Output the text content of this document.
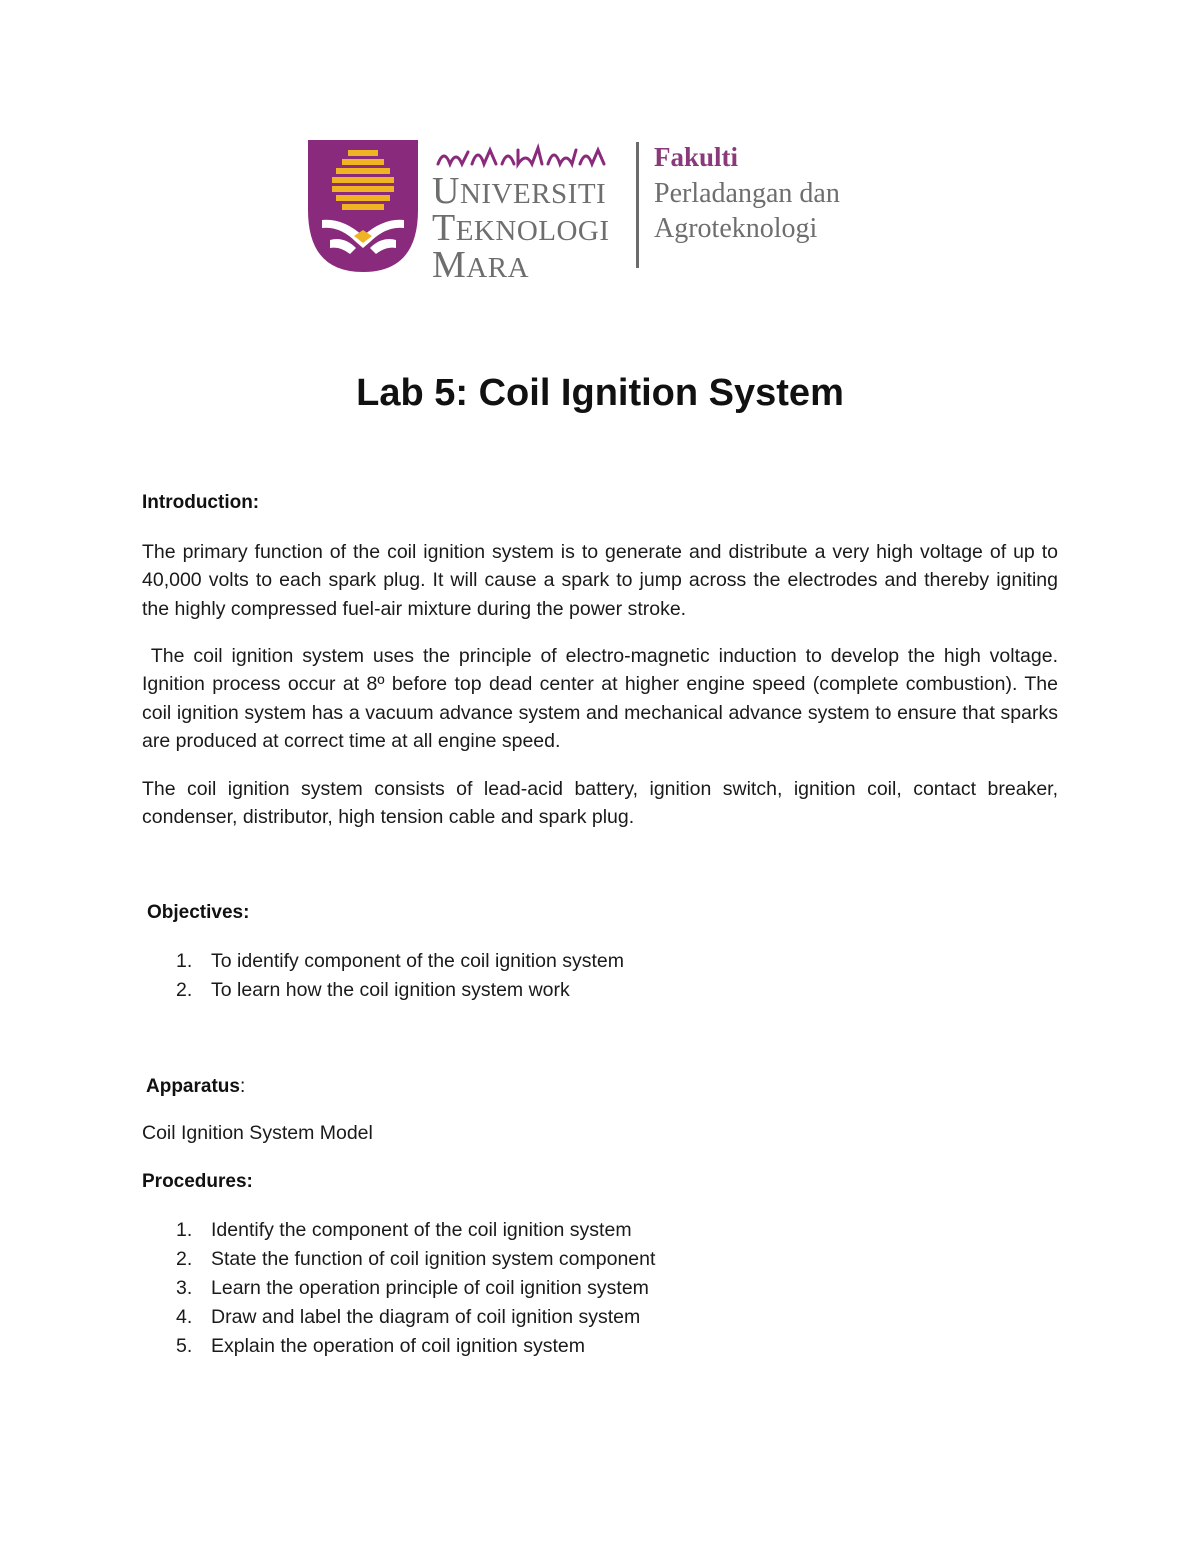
UNIVERSITI
TEKNOLOGI
MARA
Fakulti
Perladangan dan
Agroteknologi
Lab 5: Coil Ignition System
Introduction:
The primary function of the coil ignition system is to generate and distribute a very high voltage of up to 40,000 volts to each spark plug. It will cause a spark to jump across the electrodes and thereby igniting the highly compressed fuel-air mixture during the power stroke.
The coil ignition system uses the principle of electro-magnetic induction to develop the high voltage. Ignition process occur at 8º before top dead center at higher engine speed (complete combustion). The coil ignition system has a vacuum advance system and mechanical advance system to ensure that sparks are produced at correct time at all engine speed.
The coil ignition system consists of lead-acid battery, ignition switch, ignition coil, contact breaker, condenser, distributor, high tension cable and spark plug.
Objectives:
1. To identify component of the coil ignition system
2. To learn how the coil ignition system work
Apparatus:
Coil Ignition System Model
Procedures:
1. Identify the component of the coil ignition system
2. State the function of coil ignition system component
3. Learn the operation principle of coil ignition system
4. Draw and label the diagram of coil ignition system
5. Explain the operation of coil ignition system
